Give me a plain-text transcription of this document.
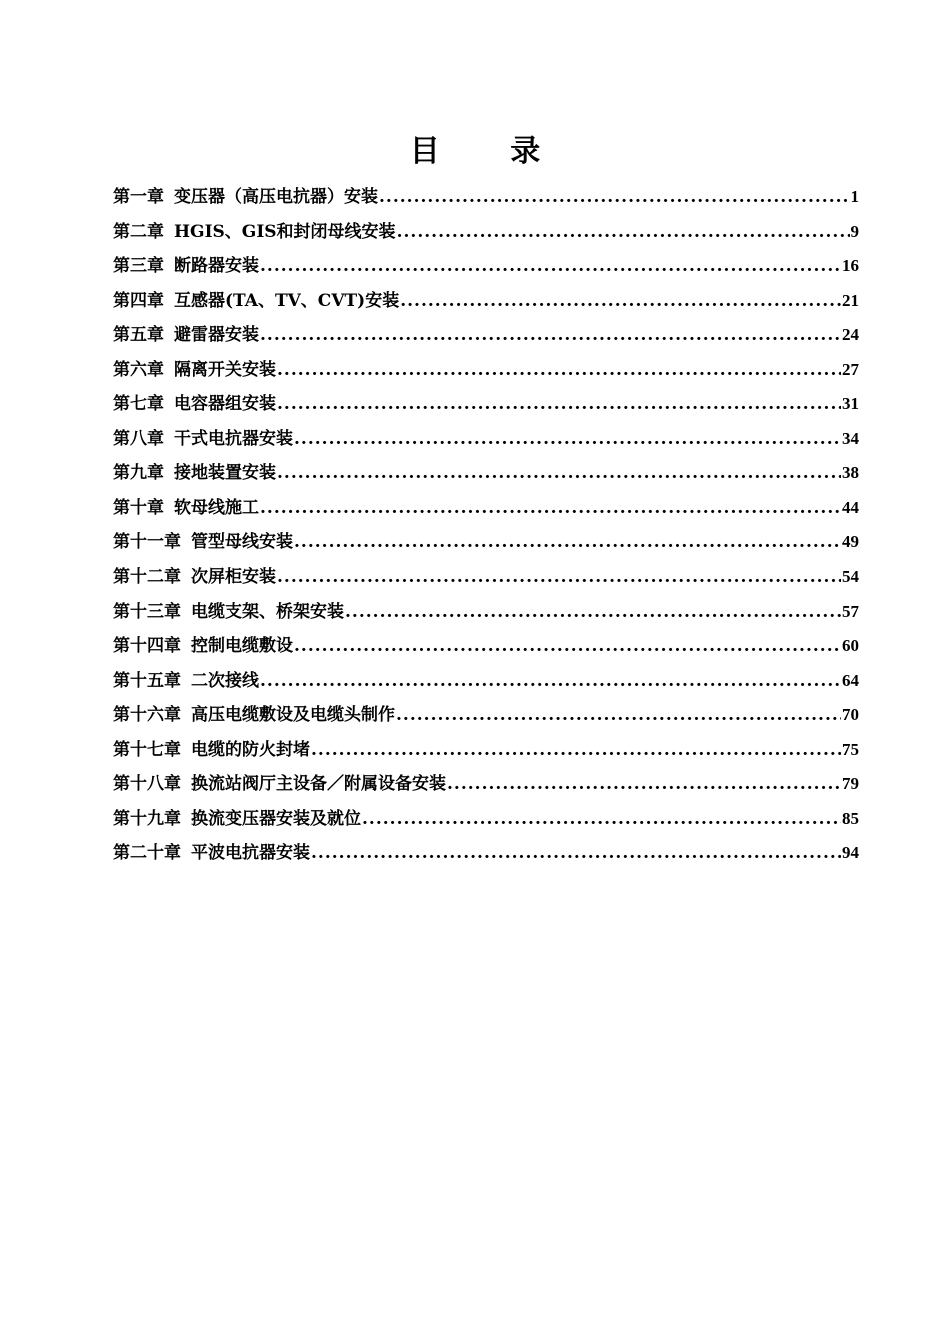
目 录
第一章 变压器（高压电抗器）安装 .....	1
第二章 HGIS、GIS和封闭母线安装 .....	9
第三章 断路器安装 .....	16
第四章 互感器(TA、TV、CVT)安装 .....	21
第五章 避雷器安装 .....	24
第六章 隔离开关安装 .....	27
第七章 电容器组安装 .....	31
第八章 干式电抗器安装 .....	34
第九章 接地装置安装 .....	38
第十章 软母线施工 .....	44
第十一章 管型母线安装 .....	49
第十二章 次屏柜安装 .....	54
第十三章 电缆支架、桥架安装 .....	57
第十四章 控制电缆敷设 .....	60
第十五章 二次接线 .....	64
第十六章 高压电缆敷设及电缆头制作 .....	70
第十七章 电缆的防火封堵 .....	75
第十八章 换流站阀厅主设备／附属设备安装 .....	79
第十九章 换流变压器安装及就位 .....	85
第二十章 平波电抗器安装 .....	94
